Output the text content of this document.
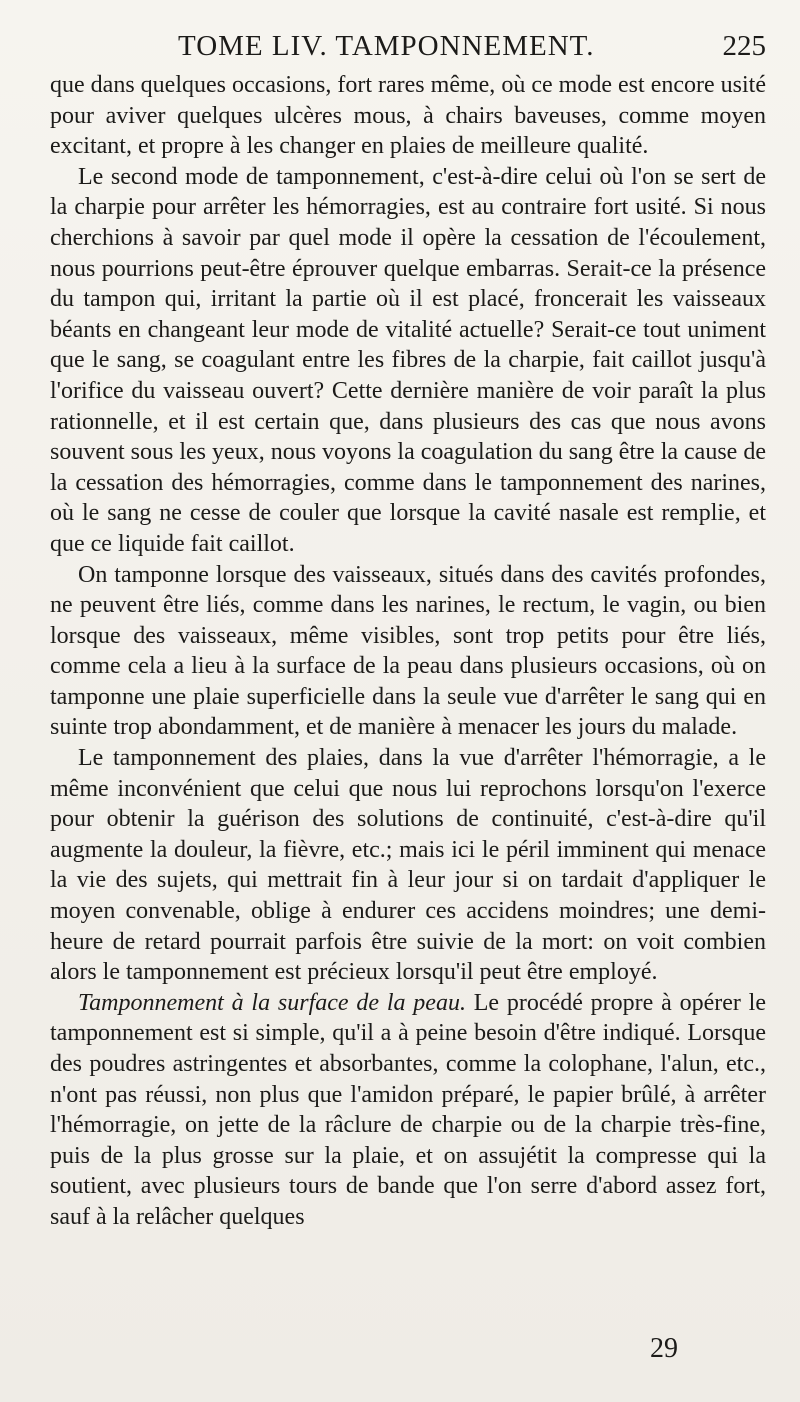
TOME LIV. TAMPONNEMENT.	225

que dans quelques occasions, fort rares même, où ce mode est encore usité pour aviver quelques ulcères mous, à chairs baveuses, comme moyen excitant, et propre à les changer en plaies de meilleure qualité.

Le second mode de tamponnement, c'est-à-dire celui où l'on se sert de la charpie pour arrêter les hémorragies, est au contraire fort usité. Si nous cherchions à savoir par quel mode il opère la cessation de l'écoulement, nous pourrions peut-être éprouver quelque embarras. Serait-ce la présence du tampon qui, irritant la partie où il est placé, froncerait les vaisseaux béants en changeant leur mode de vitalité actuelle? Serait-ce tout uniment que le sang, se coagulant entre les fibres de la charpie, fait caillot jusqu'à l'orifice du vaisseau ouvert? Cette dernière manière de voir paraît la plus rationnelle, et il est certain que, dans plusieurs des cas que nous avons souvent sous les yeux, nous voyons la coagulation du sang être la cause de la cessation des hémorragies, comme dans le tamponnement des narines, où le sang ne cesse de couler que lorsque la cavité nasale est remplie, et que ce liquide fait caillot.

On tamponne lorsque des vaisseaux, situés dans des cavités profondes, ne peuvent être liés, comme dans les narines, le rectum, le vagin, ou bien lorsque des vaisseaux, même visibles, sont trop petits pour être liés, comme cela a lieu à la surface de la peau dans plusieurs occasions, où on tamponne une plaie superficielle dans la seule vue d'arrêter le sang qui en suinte trop abondamment, et de manière à menacer les jours du malade.

Le tamponnement des plaies, dans la vue d'arrêter l'hémorragie, a le même inconvénient que celui que nous lui reprochons lorsqu'on l'exerce pour obtenir la guérison des solutions de continuité, c'est-à-dire qu'il augmente la douleur, la fièvre, etc.; mais ici le péril imminent qui menace la vie des sujets, qui mettrait fin à leur jour si on tardait d'appliquer le moyen convenable, oblige à endurer ces accidens moindres; une demi-heure de retard pourrait parfois être suivie de la mort: on voit combien alors le tamponnement est précieux lorsqu'il peut être employé.

Tamponnement à la surface de la peau. Le procédé propre à opérer le tamponnement est si simple, qu'il a à peine besoin d'être indiqué. Lorsque des poudres astringentes et absorbantes, comme la colophane, l'alun, etc., n'ont pas réussi, non plus que l'amidon préparé, le papier brûlé, à arrêter l'hémorragie, on jette de la râclure de charpie ou de la charpie très-fine, puis de la plus grosse sur la plaie, et on assujétit la compresse qui la soutient, avec plusieurs tours de bande que l'on serre d'abord assez fort, sauf à la relâcher quelques

29
